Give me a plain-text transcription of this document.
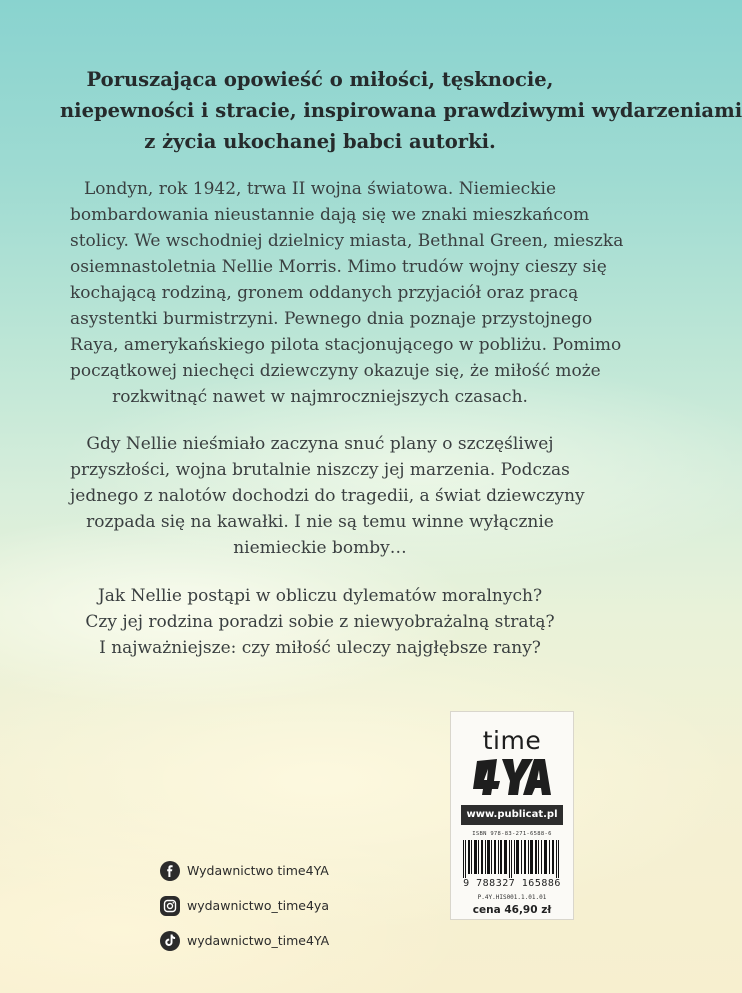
Poruszająca opowieść o miłości, tęsknocie,
niepewności i stracie, inspirowana prawdziwymi wydarzeniami
z życia ukochanej babci autorki.
Londyn, rok 1942, trwa II wojna światowa. Niemieckie
bombardowania nieustannie dają się we znaki mieszkańcom
stolicy. We wschodniej dzielnicy miasta, Bethnal Green, mieszka
osiemnastoletnia Nellie Morris. Mimo trudów wojny cieszy się
kochającą rodziną, gronem oddanych przyjaciół oraz pracą
asystentki burmistrzyni. Pewnego dnia poznaje przystojnego
Raya, amerykańskiego pilota stacjonującego w pobliżu. Pomimo
początkowej niechęci dziewczyny okazuje się, że miłość może
rozkwitnąć nawet w najmroczniejszych czasach.
Gdy Nellie nieśmiało zaczyna snuć plany o szczęśliwej
przyszłości, wojna brutalnie niszczy jej marzenia. Podczas
jednego z nalotów dochodzi do tragedii, a świat dziewczyny
rozpada się na kawałki. I nie są temu winne wyłącznie
niemieckie bomby…
Jak Nellie postąpi w obliczu dylematów moralnych?
Czy jej rodzina poradzi sobie z niewyobrażalną stratą?
I najważniejsze: czy miłość uleczy najgłębsze rany?
Wydawnictwo time4YA
wydawnictwo_time4ya
wydawnictwo_time4YA
time
www.publicat.pl
ISBN 978-83-271-6588-6
9 788327 165886
P.4Y.HIS001.1.01.01
cena 46,90 zł
